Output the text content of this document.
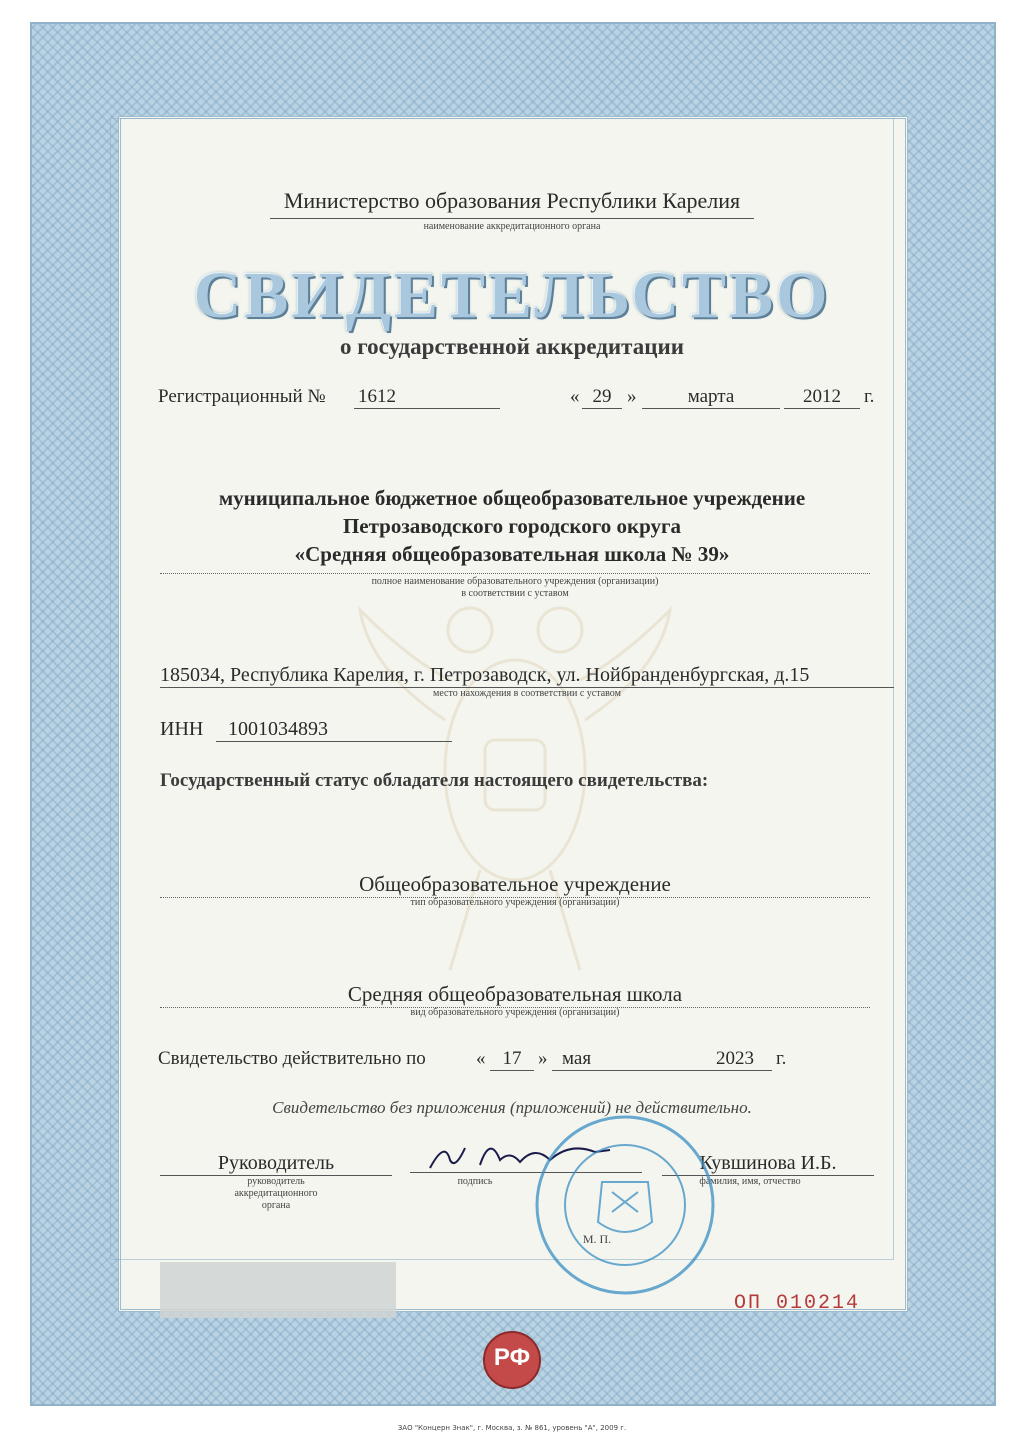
Министерство образования Республики Карелия
наименование аккредитационного органа
СВИДЕТЕЛЬСТВО
о государственной аккредитации
Регистрационный № 1612	« 29 »	марта	2012	г.
муниципальное бюджетное общеобразовательное учреждение
Петрозаводского городского округа
«Средняя общеобразовательная школа № 39»
полное наименование образовательного учреждения (организации)
в соответствии с уставом
185034, Республика Карелия, г. Петрозаводск, ул. Нойбранденбургская, д.15
место нахождения в соответствии с уставом
ИНН	1001034893
Государственный статус обладателя настоящего свидетельства:
Общеобразовательное учреждение
тип образовательного учреждения (организации)
Средняя общеобразовательная школа
вид образовательного учреждения (организации)
Свидетельство действительно по	« 17 » мая	2023	г.
Свидетельство без приложения (приложений) не действительно.
Руководитель
руководитель
аккредитационного
органа
подпись
Кувшинова И.Б.
фамилия, имя, отчество
М. П.
ОП 010214
РФ
ЗАО "Концерн Знак", г. Москва, з. № 861, уровень "А", 2009 г.
